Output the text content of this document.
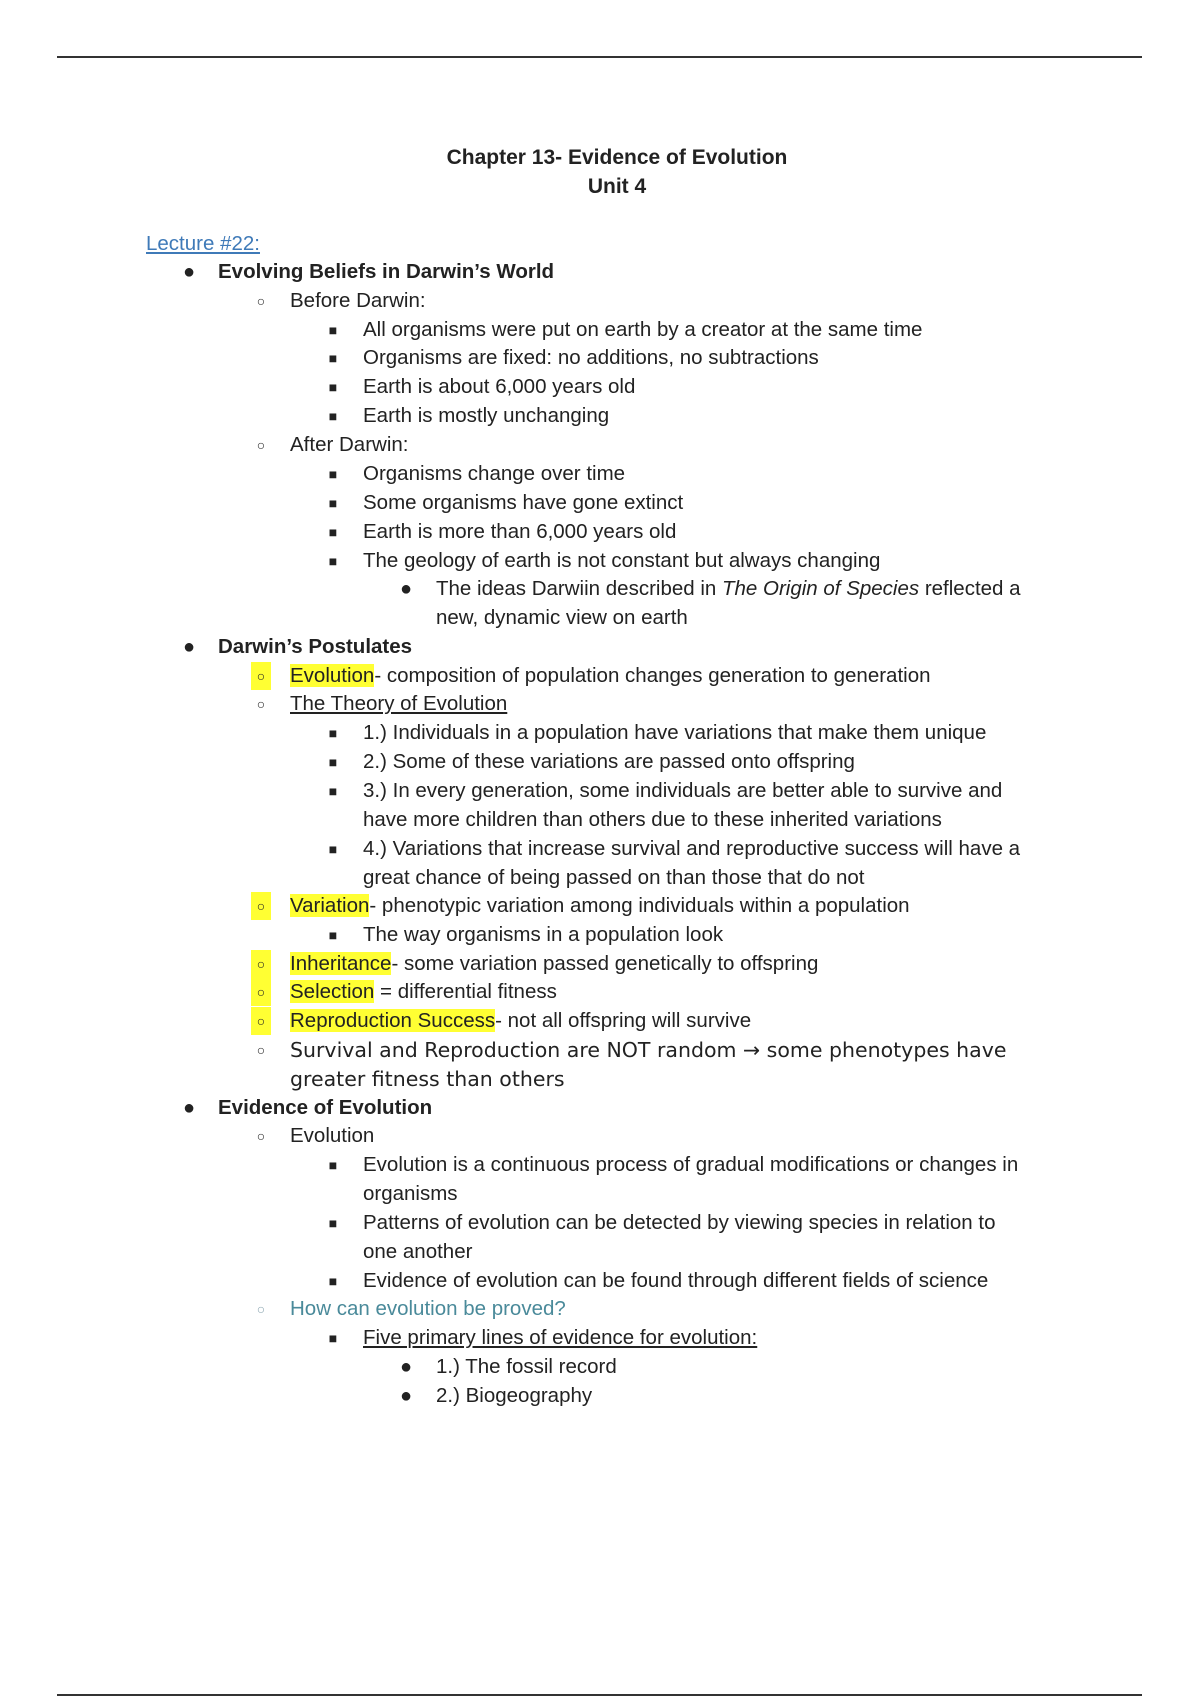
Chapter 13- Evidence of Evolution
Unit 4
Lecture #22:
● Evolving Beliefs in Darwin’s World
○ Before Darwin:
■ All organisms were put on earth by a creator at the same time
■ Organisms are fixed: no additions, no subtractions
■ Earth is about 6,000 years old
■ Earth is mostly unchanging
○ After Darwin:
■ Organisms change over time
■ Some organisms have gone extinct
■ Earth is more than 6,000 years old
■ The geology of earth is not constant but always changing
● The ideas Darwiin described in The Origin of Species reflected a
new, dynamic view on earth
● Darwin’s Postulates
○ Evolution- composition of population changes generation to generation
○ The Theory of Evolution
■ 1.) Individuals in a population have variations that make them unique
■ 2.) Some of these variations are passed onto offspring
■ 3.) In every generation, some individuals are better able to survive and
have more children than others due to these inherited variations
■ 4.) Variations that increase survival and reproductive success will have a
great chance of being passed on than those that do not
○ Variation- phenotypic variation among individuals within a population
■ The way organisms in a population look
○ Inheritance- some variation passed genetically to offspring
○ Selection = differential fitness
○ Reproduction Success- not all offspring will survive
○ Survival and Reproduction are NOT random → some phenotypes have
greater fitness than others
● Evidence of Evolution
○ Evolution
■ Evolution is a continuous process of gradual modifications or changes in
organisms
■ Patterns of evolution can be detected by viewing species in relation to
one another
■ Evidence of evolution can be found through different fields of science
○ How can evolution be proved?
■ Five primary lines of evidence for evolution:
● 1.) The fossil record
● 2.) Biogeography
